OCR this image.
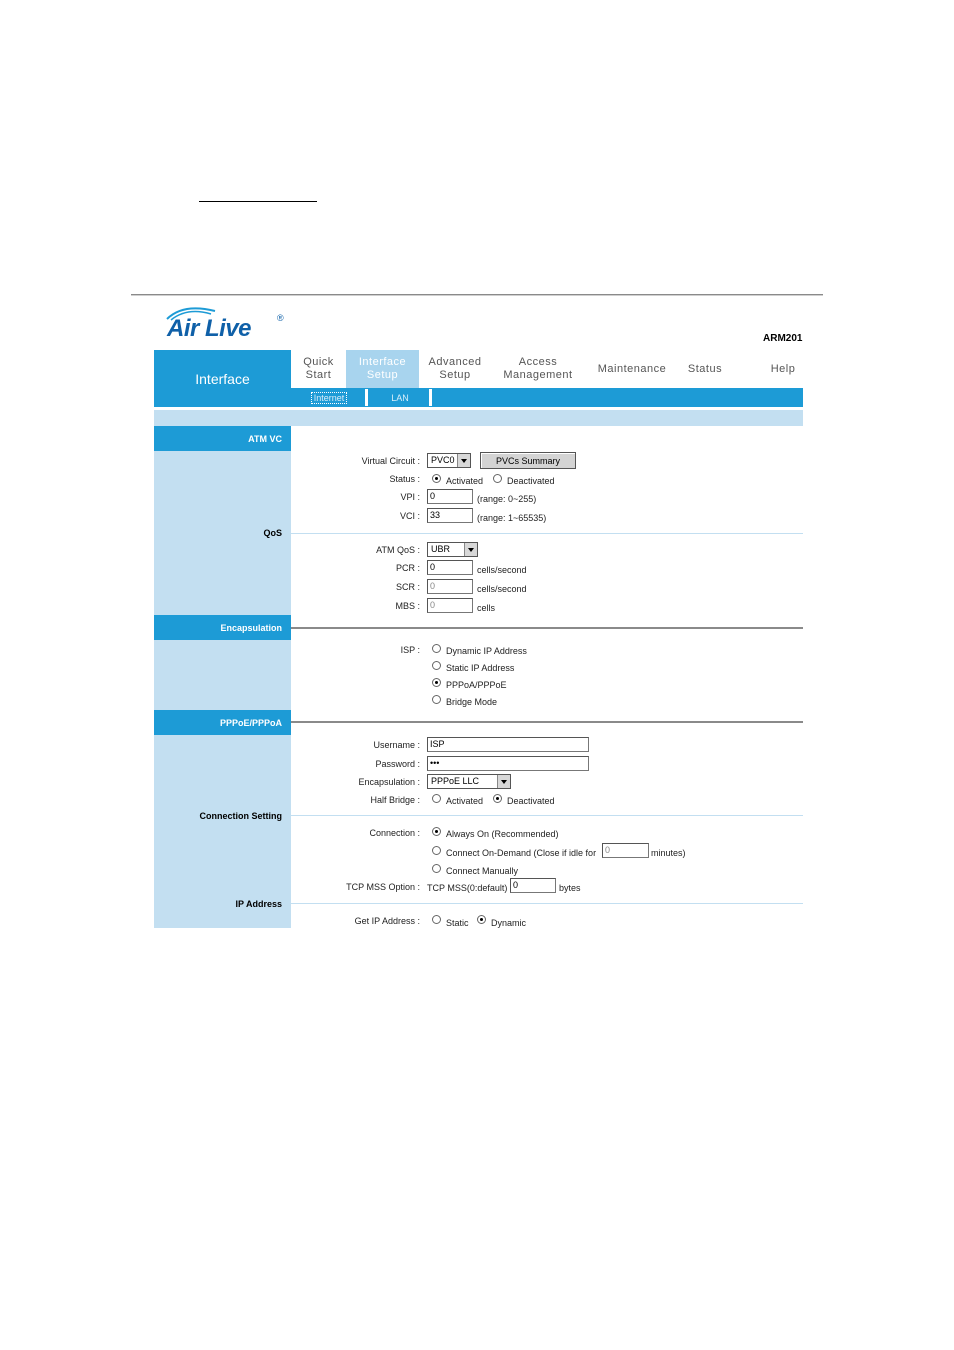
Air Live	®
ARM201
Interface
Quick
Start
Interface
Setup
Advanced
Setup
Access
Management
Maintenance Status	Help
Internet	LAN
ATM VC
Virtual Circuit :	PVC0	PVCs Summary
Status :	Activated	Deactivated
VPI :	0	(range: 0~255)
VCI :	33	(range: 1~65535)
QoS
ATM QoS :	UBR
PCR :	0	cells/second
SCR :	0	cells/second
MBS :	0	cells
Encapsulation
ISP :	Dynamic IP Address
Static IP Address
PPPoA/PPPoE
Bridge Mode
PPPoE/PPPoA
Username :	ISP
Password :	•••
Encapsulation :	PPPoE LLC
Half Bridge :	Activated	Deactivated
Connection Setting
Connection :	Always On (Recommended)
Connect On-Demand (Close if idle for 0	minutes)
Connect Manually
TCP MSS Option : TCP MSS(0:default) 0	bytes
IP Address
Get IP Address :	Static Dynamic
